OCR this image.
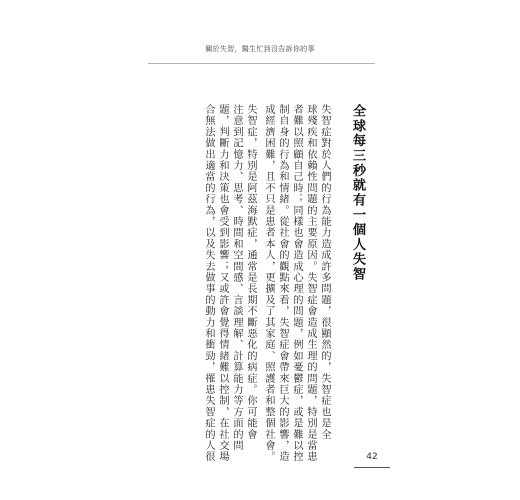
關於失智，醫生忙到沒告訴你的事
全球每三秒就有一個人失智
失智症對於人們的行為能力造成許多問題，很顯然的，失智症也是全
球殘疾和依賴性問題的主要原因。失智症會造成生理的問題，特別是當患
者難以照顧自己時；同樣也會造成心理的問題，例如憂鬱症，或是難以控
制自身的行為和情緒。從社會的觀點來看，失智症會帶來巨大的影響，造
成經濟困難，且不只是患者本人，更擴及了其家庭、照護者和整個社會。
失智症，特別是阿茲海默症，通常是長期不斷惡化的病症。你可能會
注意到記憶力、思考、時間和空間感、言談理解、計算能力等方面的問
題，判斷力和決策也會受到影響；又或許會覺得情緒難以控制，在社交場
合無法做出適當的行為，以及失去做事的動力和衝勁，罹患失智症的人很	42
